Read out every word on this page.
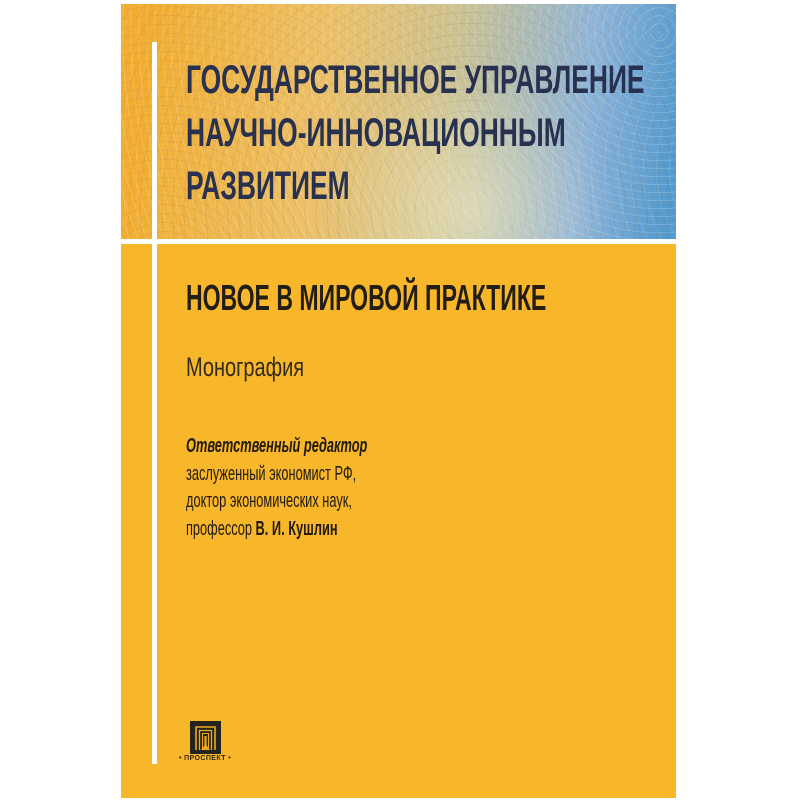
ГОСУДАРСТВЕННОЕ УПРАВЛЕНИЕ
НАУЧНО-ИННОВАЦИОННЫМ
РАЗВИТИЕМ
НОВОЕ В МИРОВОЙ ПРАКТИКЕ
Монография
Ответственный редактор
заслуженный экономист РФ,
доктор экономических наук,
профессор В. И. Кушлин
• ПРОСПЕКТ •
